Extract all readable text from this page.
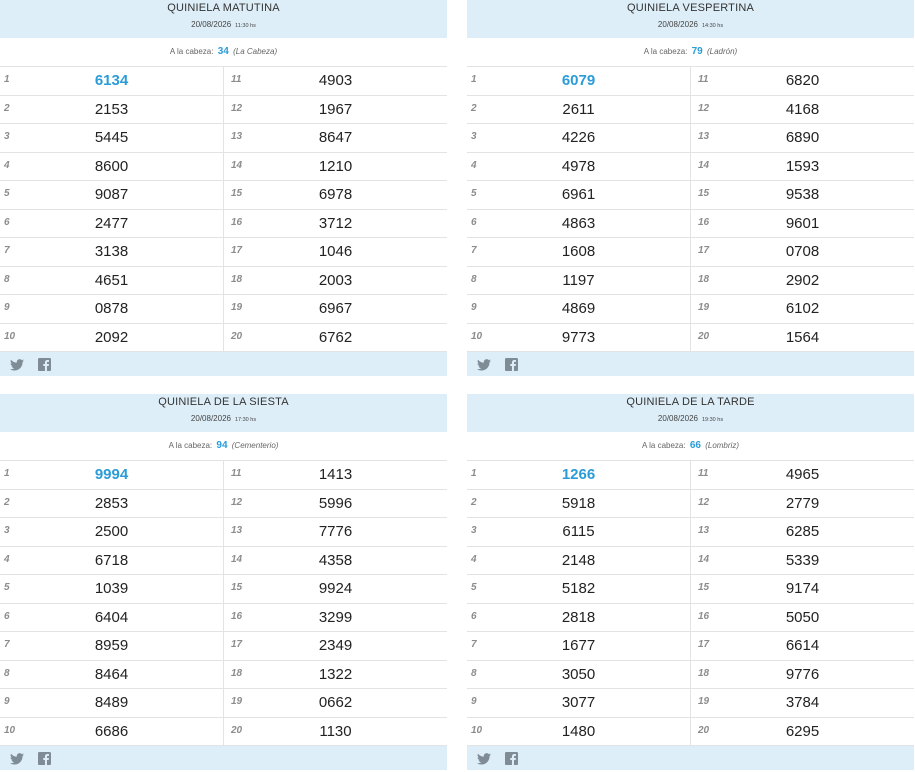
QUINIELA MATUTINA
20/08/2026 11:30 hs
A la cabeza: 34 (La Cabeza)
1	6134
2	2153
3	5445
4	8600
5	9087
6	2477
7	3138
8	4651
9	0878
10	2092
11	4903
12	1967
13	8647
14	1210
15	6978
16	3712
17	1046
18	2003
19	6967
20	6762
QUINIELA VESPERTINA
20/08/2026 14:30 hs
A la cabeza: 79 (Ladrón)
1	6079
2	2611
3	4226
4	4978
5	6961
6	4863
7	1608
8	1197
9	4869
10	9773
11	6820
12	4168
13	6890
14	1593
15	9538
16	9601
17	0708
18	2902
19	6102
20	1564
QUINIELA DE LA SIESTA
20/08/2026 17:30 hs
A la cabeza: 94 (Cementerio)
1	9994
2	2853
3	2500
4	6718
5	1039
6	6404
7	8959
8	8464
9	8489
10	6686
11	1413
12	5996
13	7776
14	4358
15	9924
16	3299
17	2349
18	1322
19	0662
20	1130
QUINIELA DE LA TARDE
20/08/2026 19:30 hs
A la cabeza: 66 (Lombriz)
1	1266
2	5918
3	6115
4	2148
5	5182
6	2818
7	1677
8	3050
9	3077
10	1480
11	4965
12	2779
13	6285
14	5339
15	9174
16	5050
17	6614
18	9776
19	3784
20	6295
